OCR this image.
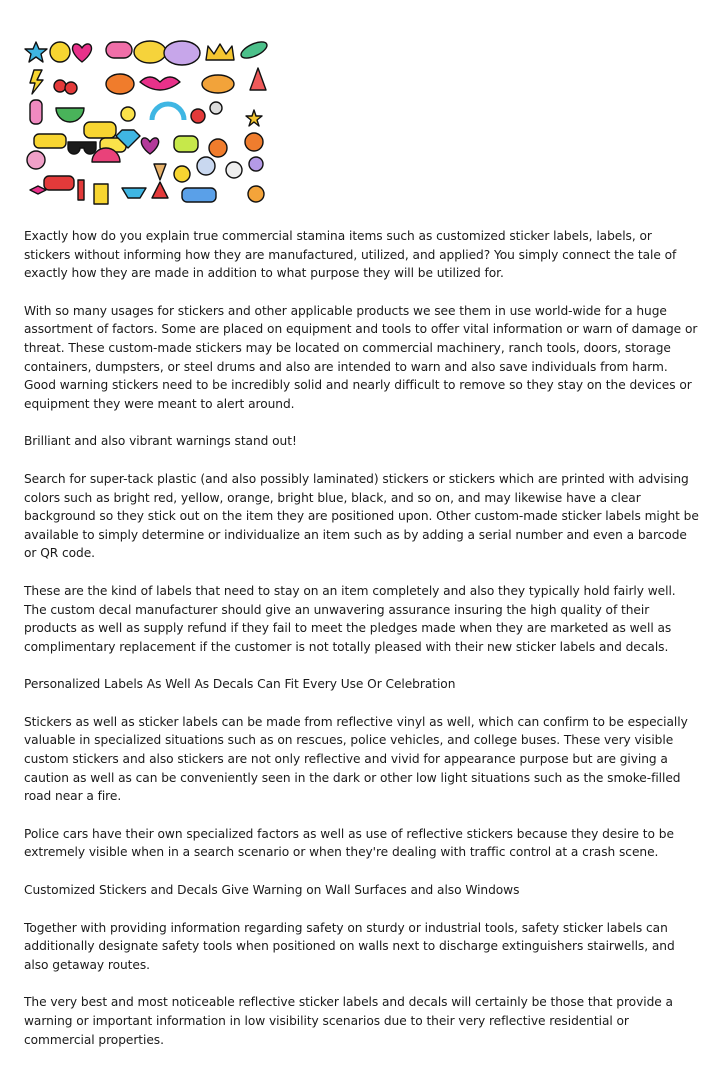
Exactly how do you explain true commercial stamina items such as customized sticker labels, labels, or stickers without informing how they are manufactured, utilized, and applied? You simply connect the tale of exactly how they are made in addition to what purpose they will be utilized for.

With so many usages for stickers and other applicable products we see them in use world-wide for a huge assortment of factors. Some are placed on equipment and tools to offer vital information or warn of damage or threat. These custom-made stickers may be located on commercial machinery, ranch tools, doors, storage containers, dumpsters, or steel drums and also are intended to warn and also save individuals from harm. Good warning stickers need to be incredibly solid and nearly difficult to remove so they stay on the devices or equipment they were meant to alert around.

Brilliant and also vibrant warnings stand out!

Search for super-tack plastic (and also possibly laminated) stickers or stickers which are printed with advising colors such as bright red, yellow, orange, bright blue, black, and so on, and may likewise have a clear background so they stick out on the item they are positioned upon. Other custom-made sticker labels might be available to simply determine or individualize an item such as by adding a serial number and even a barcode or QR code.

These are the kind of labels that need to stay on an item completely and also they typically hold fairly well. The custom decal manufacturer should give an unwavering assurance insuring the high quality of their products as well as supply refund if they fail to meet the pledges made when they are marketed as well as complimentary replacement if the customer is not totally pleased with their new sticker labels and decals.

Personalized Labels As Well As Decals Can Fit Every Use Or Celebration

Stickers as well as sticker labels can be made from reflective vinyl as well, which can confirm to be especially valuable in specialized situations such as on rescues, police vehicles, and college buses. These very visible custom stickers and also stickers are not only reflective and vivid for appearance purpose but are giving a caution as well as can be conveniently seen in the dark or other low light situations such as the smoke-filled road near a fire.

Police cars have their own specialized factors as well as use of reflective stickers because they desire to be extremely visible when in a search scenario or when they're dealing with traffic control at a crash scene.

Customized Stickers and Decals Give Warning on Wall Surfaces and also Windows

Together with providing information regarding safety on sturdy or industrial tools, safety sticker labels can additionally designate safety tools when positioned on walls next to discharge extinguishers stairwells, and also getaway routes.

The very best and most noticeable reflective sticker labels and decals will certainly be those that provide a warning or important information in low visibility scenarios due to their very reflective residential or commercial properties.
